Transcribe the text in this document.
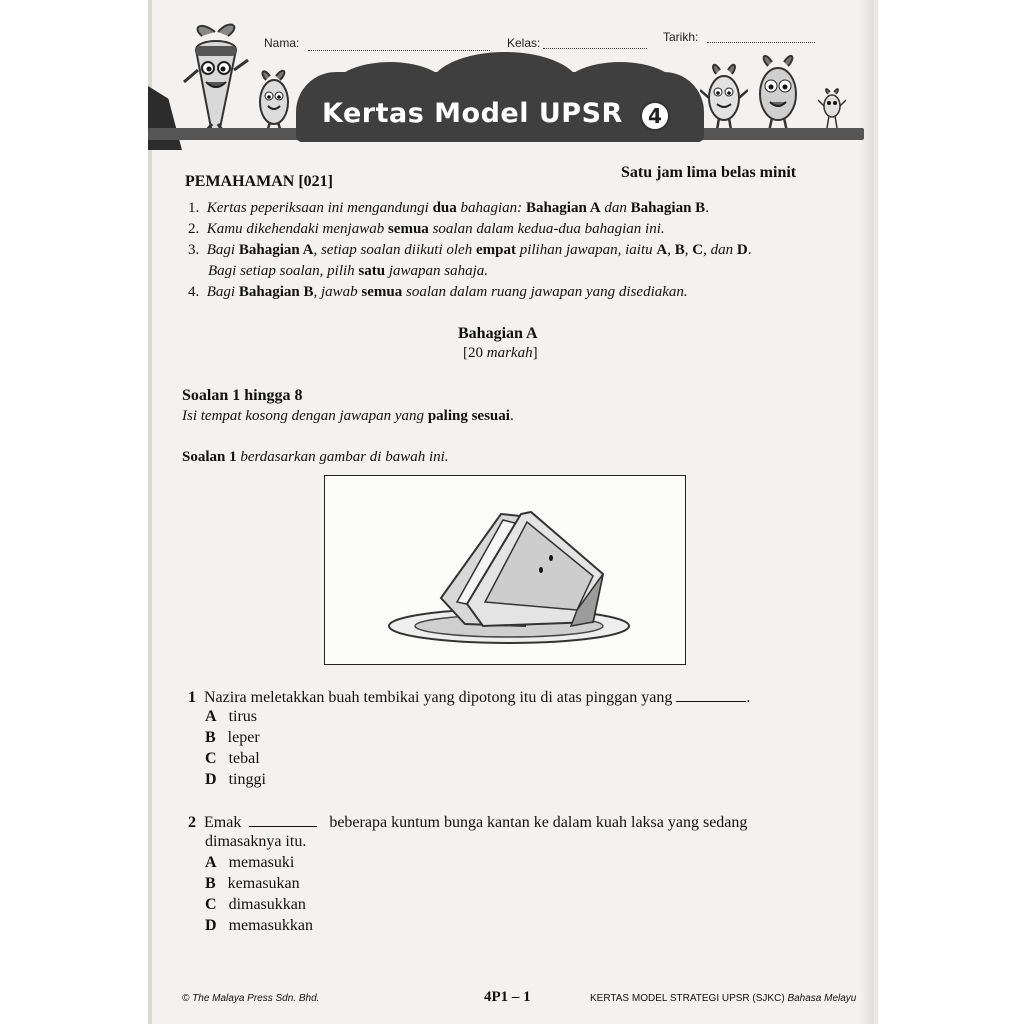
Nama:	Kelas:	Tarikh:
Kertas Model UPSR	4
PEMAHAMAN [021]
Satu jam lima belas minit
1. Kertas peperiksaan ini mengandungi dua bahagian: Bahagian A dan Bahagian B.
2. Kamu dikehendaki menjawab semua soalan dalam kedua-dua bahagian ini.
3. Bagi Bahagian A, setiap soalan diikuti oleh empat pilihan jawapan, iaitu A, B, C, dan D.
Bagi setiap soalan, pilih satu jawapan sahaja.
4. Bagi Bahagian B, jawab semua soalan dalam ruang jawapan yang disediakan.
Bahagian A
[20 markah]
Soalan 1 hingga 8
Isi tempat kosong dengan jawapan yang paling sesuai.
Soalan 1 berdasarkan gambar di bawah ini.
1 Nazira meletakkan buah tembikai yang dipotong itu di atas pinggan yang	.
A tirus
B leper
C tebal
D tinggi
2 Emak	beberapa kuntum bunga kantan ke dalam kuah laksa yang sedang
dimasaknya itu.
A memasuki
B kemasukan
C dimasukkan
D memasukkan
© The Malaya Press Sdn. Bhd.	4P1 – 1	KERTAS MODEL STRATEGI UPSR (SJKC) Bahasa Melayu
